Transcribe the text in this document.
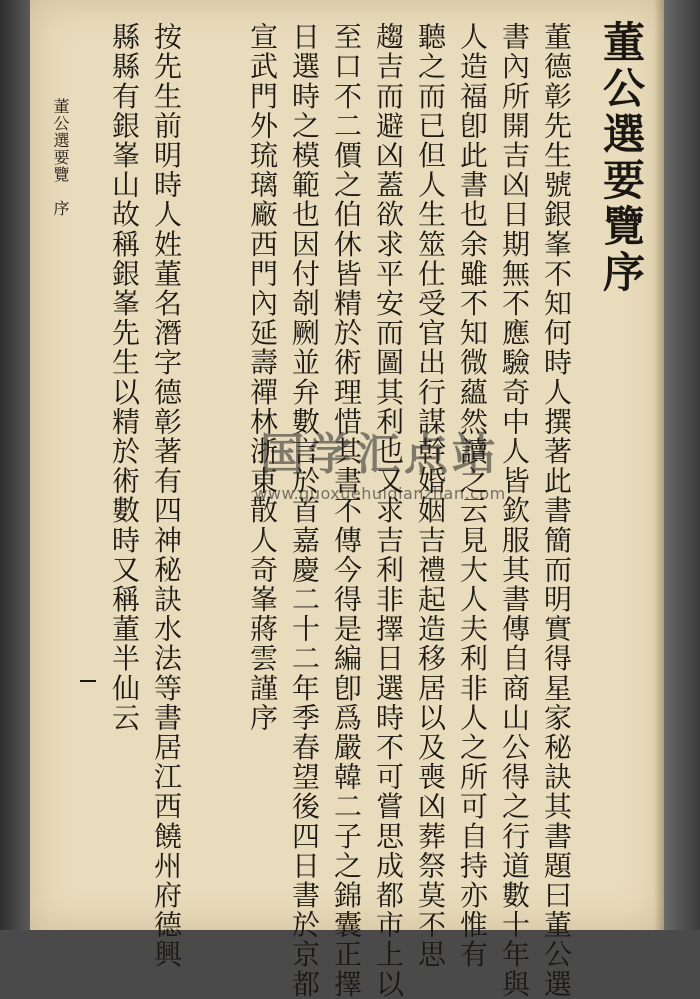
董公選要覽序
董德彰先生號銀峯不知何時人撰著此書簡而明實得星家秘訣其書題曰董公選
書內所開吉凶日期無不應驗奇中人皆欽服其書傳自商山公得之行道數十年與
人造福卽此書也余雖不知微蘊然讀之云見大人夫利非人之所可自持亦惟有
聽之而已但人生筮仕受官出行謀幹婚姻吉禮起造移居以及喪凶葬祭莫不思
趨吉而避凶蓋欲求平安而圖其利也又求吉利非擇日選時不可嘗思成都市上以
至口不二價之伯休皆精於術理惜其書不傳今得是編卽爲嚴韓二子之錦囊正擇
日選時之模範也因付剞劂並弁數言於首嘉慶二十二年季春望後四日書於京都
宣武門外琉璃廠西門內延壽禪林浙東散人奇峯蔣雲謹序
按先生前明時人姓董名潛字德彰著有四神秘訣水法等書居江西饒州府德興
縣縣有銀峯山故稱銀峯先生以精於術數時又稱董半仙云
董公選要覽　序
国学汇点站
www.guoxuehuidianzhan.com
